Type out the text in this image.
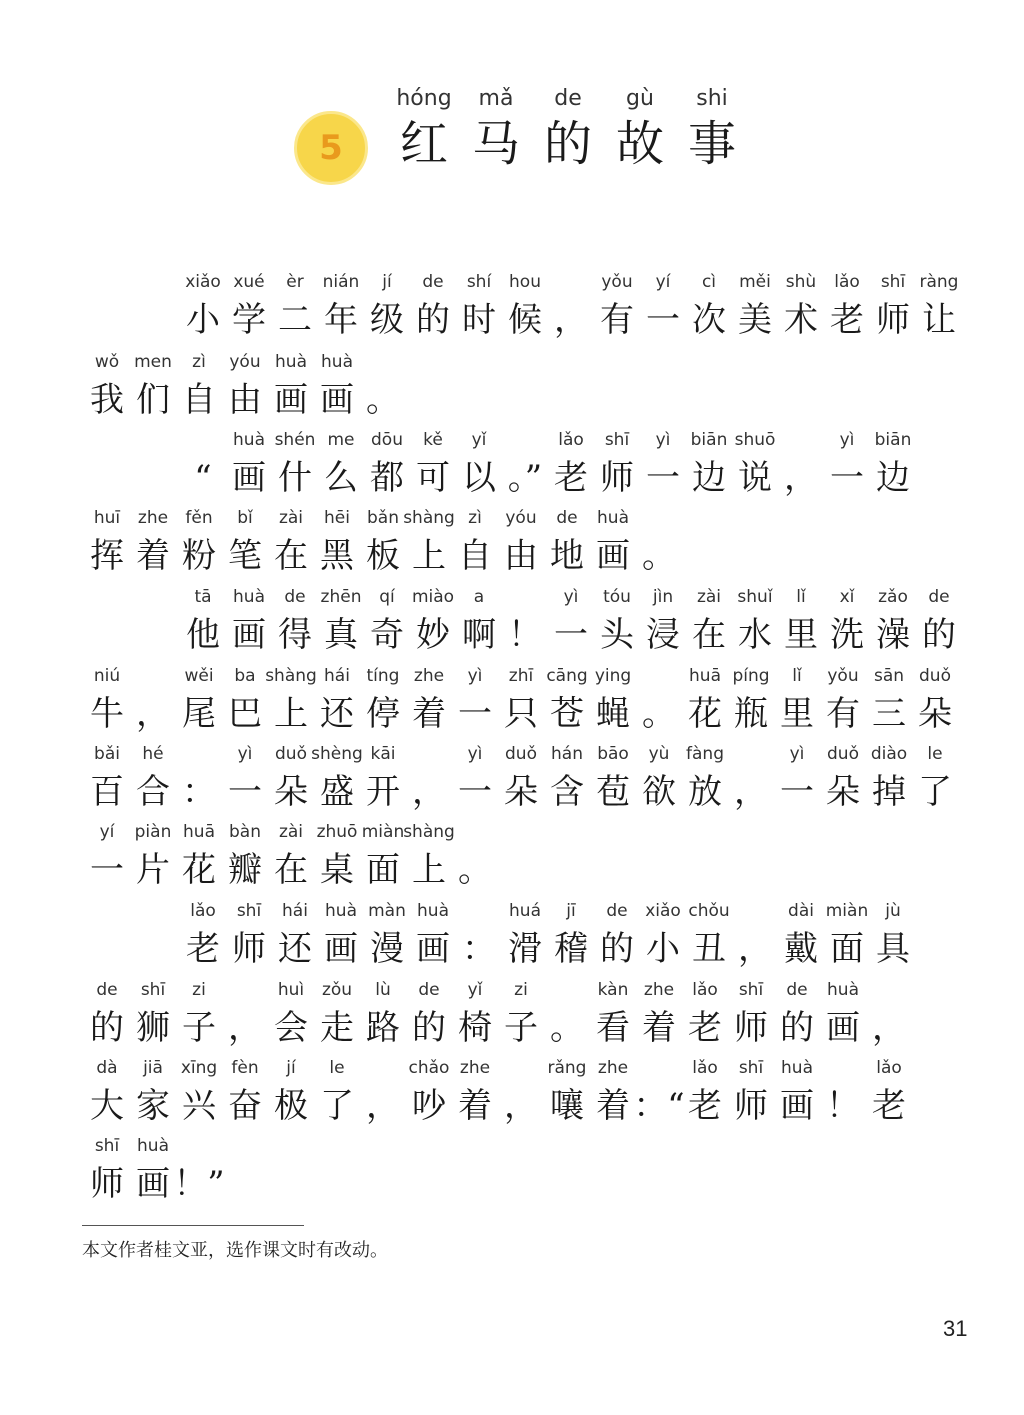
5
hóng
红
mǎ
马
de
的
gù
故
shi
事
xiǎo
小
xué
学
èr
二
nián
年
jí
级
de
的
shí
时
hou
候 ，
yǒu
有
yí
一
cì
次
měi
美
shù
术
lǎo
老
shī
师
ràng
让
wǒ
我
men
们
zì
自
yóu
由
huà
画
huà
画 。
“
huà
画
shén
什
me
么
dōu
都
kě
可
yǐ
以 。”
lǎo
老
shī
师
yì
一
biān
边
shuō
说 ，
yì
一
biān
边
huī
挥
zhe
着
fěn
粉
bǐ
笔
zài
在
hēi
黑
bǎn
板
shàng
上
zì
自
yóu
由
de
地
huà
画 。
tā
他
huà
画
de
得
zhēn
真
qí
奇
miào
妙
a
啊 ！
yì
一
tóu
头
jìn
浸
zài
在
shuǐ
水
lǐ
里
xǐ
洗
zǎo
澡
de
的
niú
牛 ，
wěi
尾
ba
巴
shàng
上
hái
还
tíng
停
zhe
着
yì
一
zhī
只
cāng
苍
ying
蝇 。
huā
花
píng
瓶
lǐ
里
yǒu
有
sān
三
duǒ
朵
bǎi
百
hé
合 ：
yì
一
duǒ
朵
shèng
盛
kāi
开 ，
yì
一
duǒ
朵
hán
含
bāo
苞
yù
欲
fàng
放 ，
yì
一
duǒ
朵
diào
掉
le
了
yí
一
piàn
片
huā
花
bàn
瓣
zài
在
zhuō
桌
miàn
面
shàng
上 。
lǎo
老
shī
师
hái
还
huà
画
màn
漫
huà
画 ：
huá
滑
jī
稽
de
的
xiǎo
小
chǒu
丑 ，
dài
戴
miàn
面
jù
具
de
的
shī
狮
zi
子 ，
huì
会
zǒu
走
lù
路
de
的
yǐ
椅
zi
子 。
kàn
看
zhe
着
lǎo
老
shī
师
de
的
huà
画 ，
dà
大
jiā
家
xīng
兴
fèn
奋
jí
极
le
了 ，
chǎo
吵
zhe
着 ，
rǎng
嚷
zhe
着 ：“
lǎo
老
shī
师
huà
画 ！
lǎo
老
shī
师
huà
画 ！”
本文作者桂文亚，选作课文时有改动。
31
